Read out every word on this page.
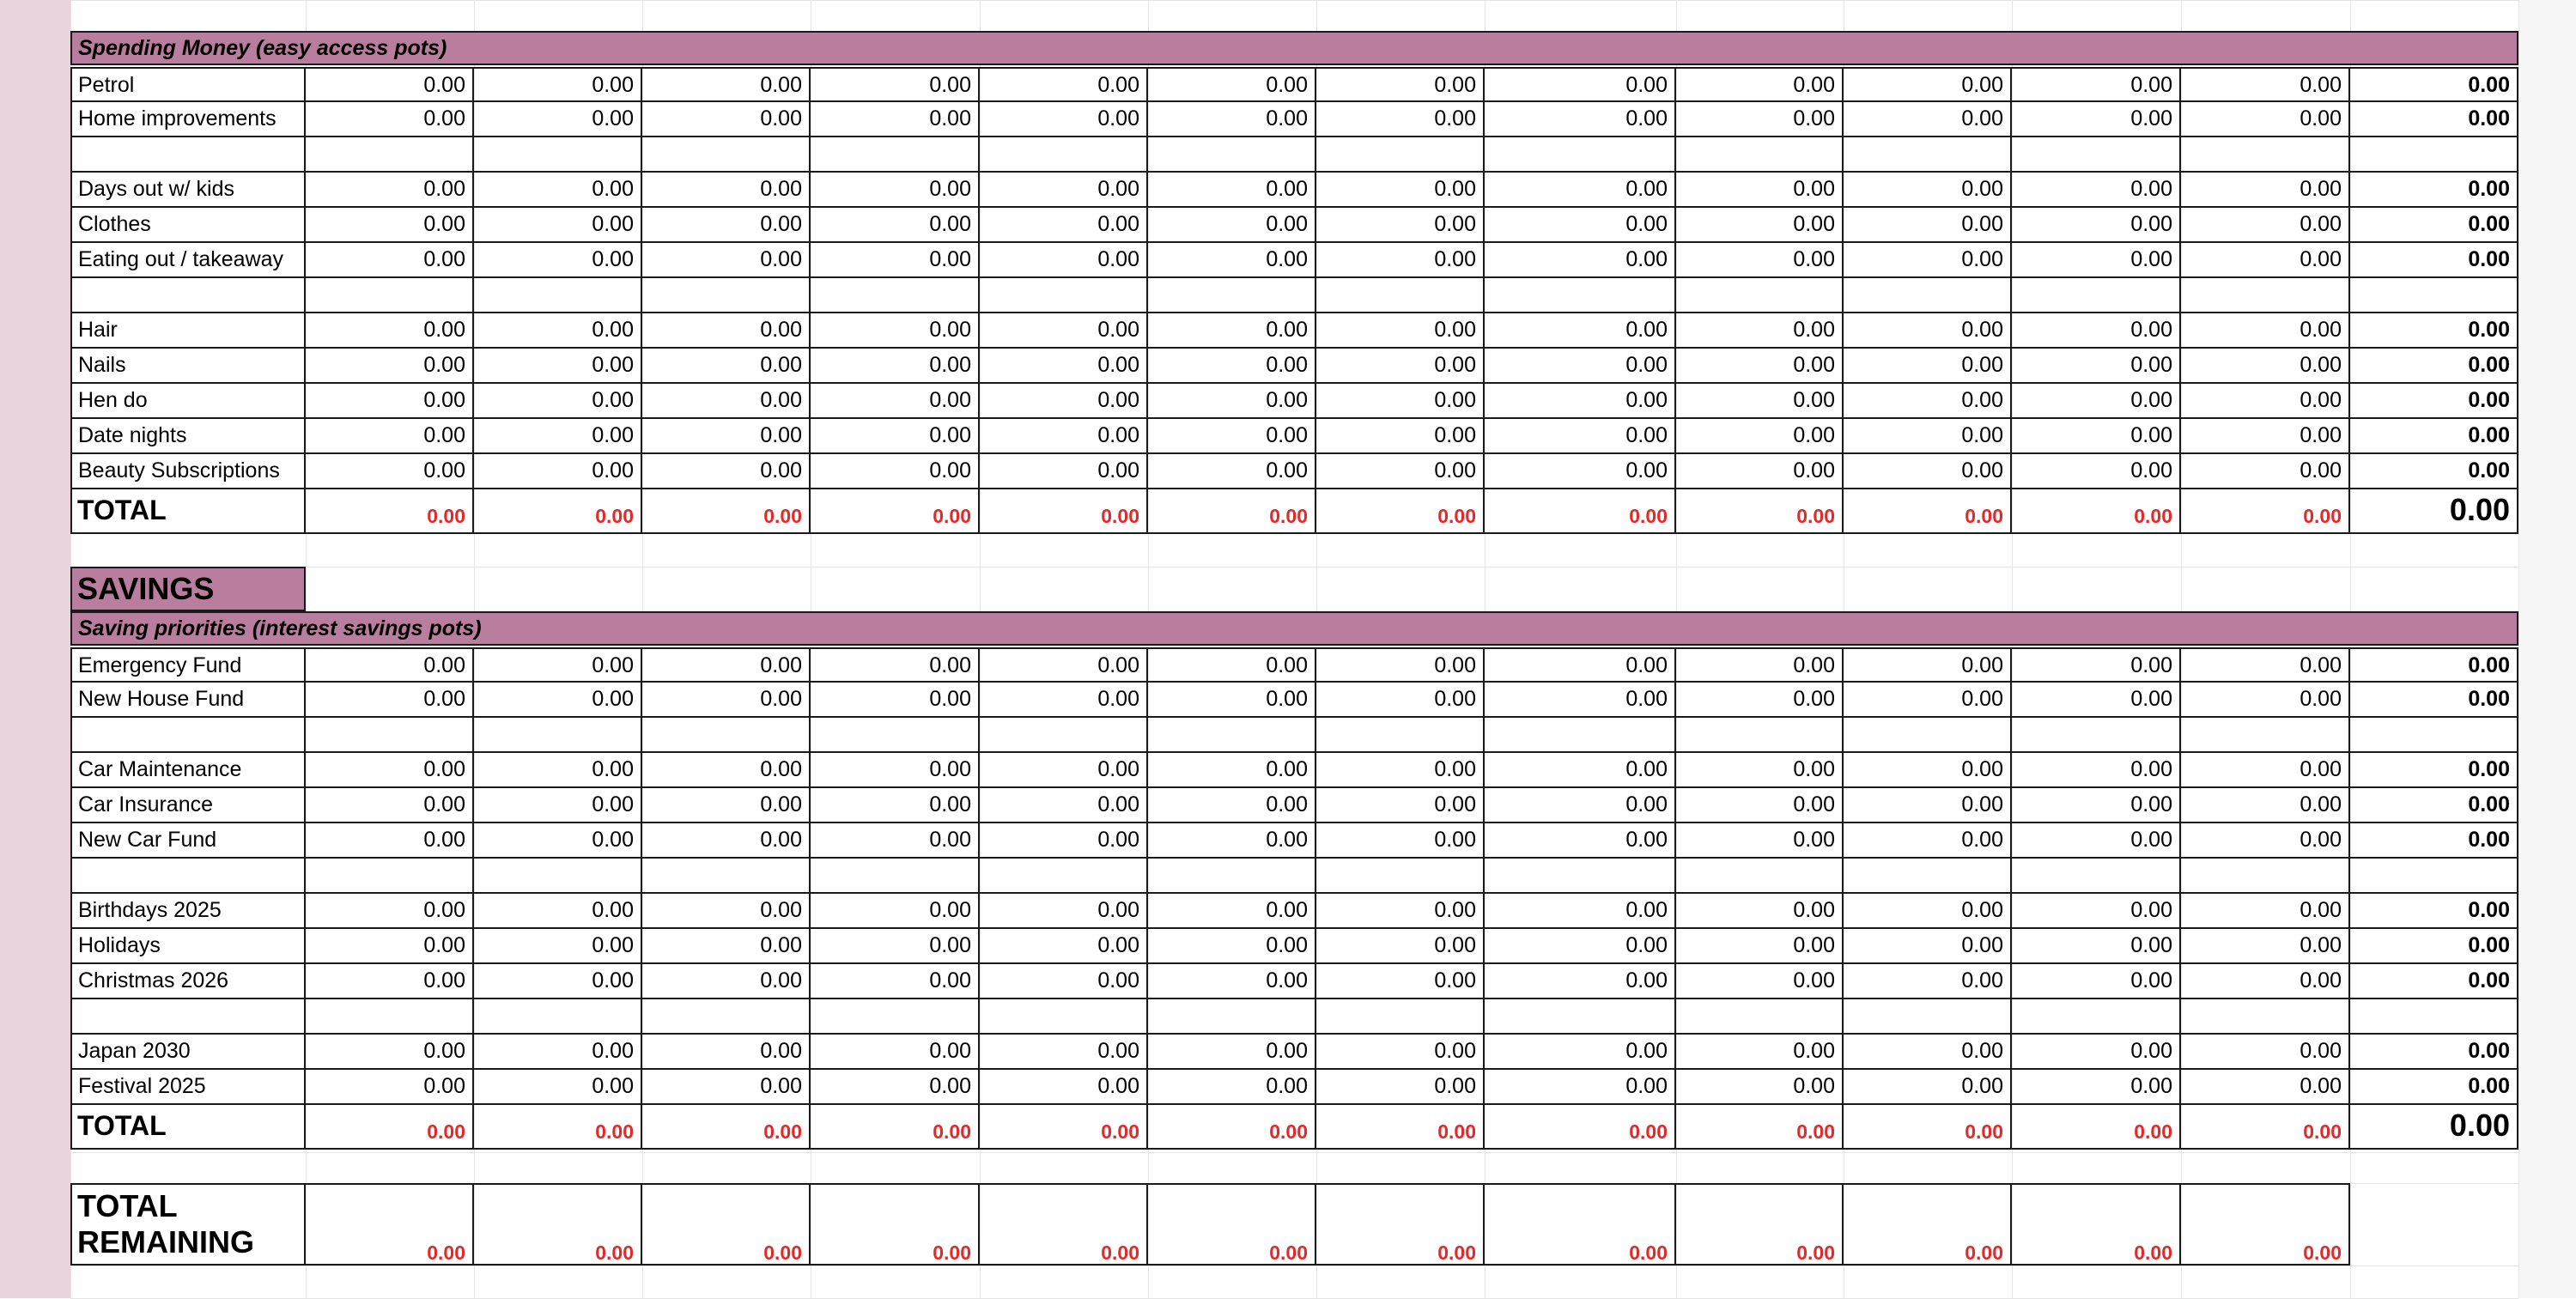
Spending Money (easy access pots)
Petrol	0.00	0.00	0.00	0.00	0.00	0.00	0.00	0.00	0.00	0.00	0.00	0.00	0.00
Home improvements	0.00	0.00	0.00	0.00	0.00	0.00	0.00	0.00	0.00	0.00	0.00	0.00	0.00
Days out w/ kids	0.00	0.00	0.00	0.00	0.00	0.00	0.00	0.00	0.00	0.00	0.00	0.00	0.00
Clothes	0.00	0.00	0.00	0.00	0.00	0.00	0.00	0.00	0.00	0.00	0.00	0.00	0.00
Eating out / takeaway	0.00	0.00	0.00	0.00	0.00	0.00	0.00	0.00	0.00	0.00	0.00	0.00	0.00
Hair	0.00	0.00	0.00	0.00	0.00	0.00	0.00	0.00	0.00	0.00	0.00	0.00	0.00
Nails	0.00	0.00	0.00	0.00	0.00	0.00	0.00	0.00	0.00	0.00	0.00	0.00	0.00
Hen do	0.00	0.00	0.00	0.00	0.00	0.00	0.00	0.00	0.00	0.00	0.00	0.00	0.00
Date nights	0.00	0.00	0.00	0.00	0.00	0.00	0.00	0.00	0.00	0.00	0.00	0.00	0.00
Beauty Subscriptions	0.00	0.00	0.00	0.00	0.00	0.00	0.00	0.00	0.00	0.00	0.00	0.00	0.00
TOTAL	0.00	0.00	0.00	0.00	0.00	0.00	0.00	0.00	0.00	0.00	0.00	0.00	0.00
SAVINGS
Saving priorities (interest savings pots)
Emergency Fund	0.00	0.00	0.00	0.00	0.00	0.00	0.00	0.00	0.00	0.00	0.00	0.00	0.00
New House Fund	0.00	0.00	0.00	0.00	0.00	0.00	0.00	0.00	0.00	0.00	0.00	0.00	0.00
Car Maintenance	0.00	0.00	0.00	0.00	0.00	0.00	0.00	0.00	0.00	0.00	0.00	0.00	0.00
Car Insurance	0.00	0.00	0.00	0.00	0.00	0.00	0.00	0.00	0.00	0.00	0.00	0.00	0.00
New Car Fund	0.00	0.00	0.00	0.00	0.00	0.00	0.00	0.00	0.00	0.00	0.00	0.00	0.00
Birthdays 2025	0.00	0.00	0.00	0.00	0.00	0.00	0.00	0.00	0.00	0.00	0.00	0.00	0.00
Holidays	0.00	0.00	0.00	0.00	0.00	0.00	0.00	0.00	0.00	0.00	0.00	0.00	0.00
Christmas 2026	0.00	0.00	0.00	0.00	0.00	0.00	0.00	0.00	0.00	0.00	0.00	0.00	0.00
Japan 2030	0.00	0.00	0.00	0.00	0.00	0.00	0.00	0.00	0.00	0.00	0.00	0.00	0.00
Festival 2025	0.00	0.00	0.00	0.00	0.00	0.00	0.00	0.00	0.00	0.00	0.00	0.00	0.00
TOTAL	0.00	0.00	0.00	0.00	0.00	0.00	0.00	0.00	0.00	0.00	0.00	0.00	0.00
TOTAL REMAINING	0.00	0.00	0.00	0.00	0.00	0.00	0.00	0.00	0.00	0.00	0.00	0.00
